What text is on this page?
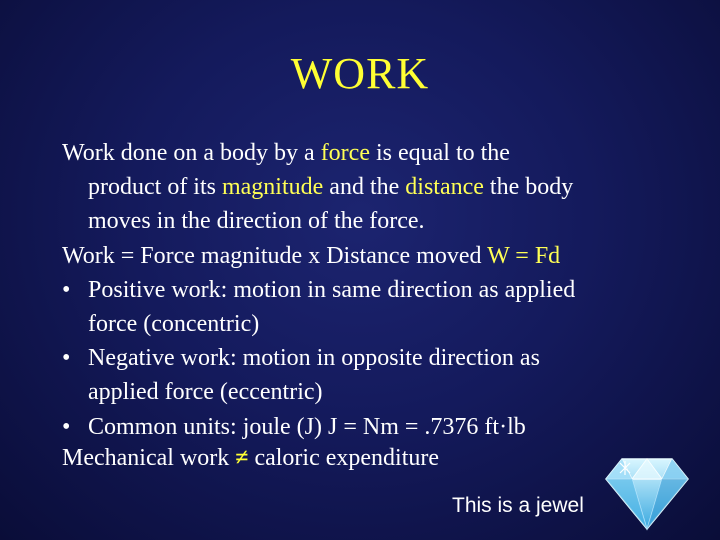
WORK
Work done on a body by a force is equal to the
product of its magnitude and the distance the body
moves in the direction of the force.
Work = Force magnitude x Distance moved W = Fd
• Positive work: motion in same direction as applied
force (concentric)
• Negative work: motion in opposite direction as
applied force (eccentric)
• Common units: joule (J) J = Nm = .7376 ft·lb
Mechanical work ≠ caloric expenditure
This is a jewel
